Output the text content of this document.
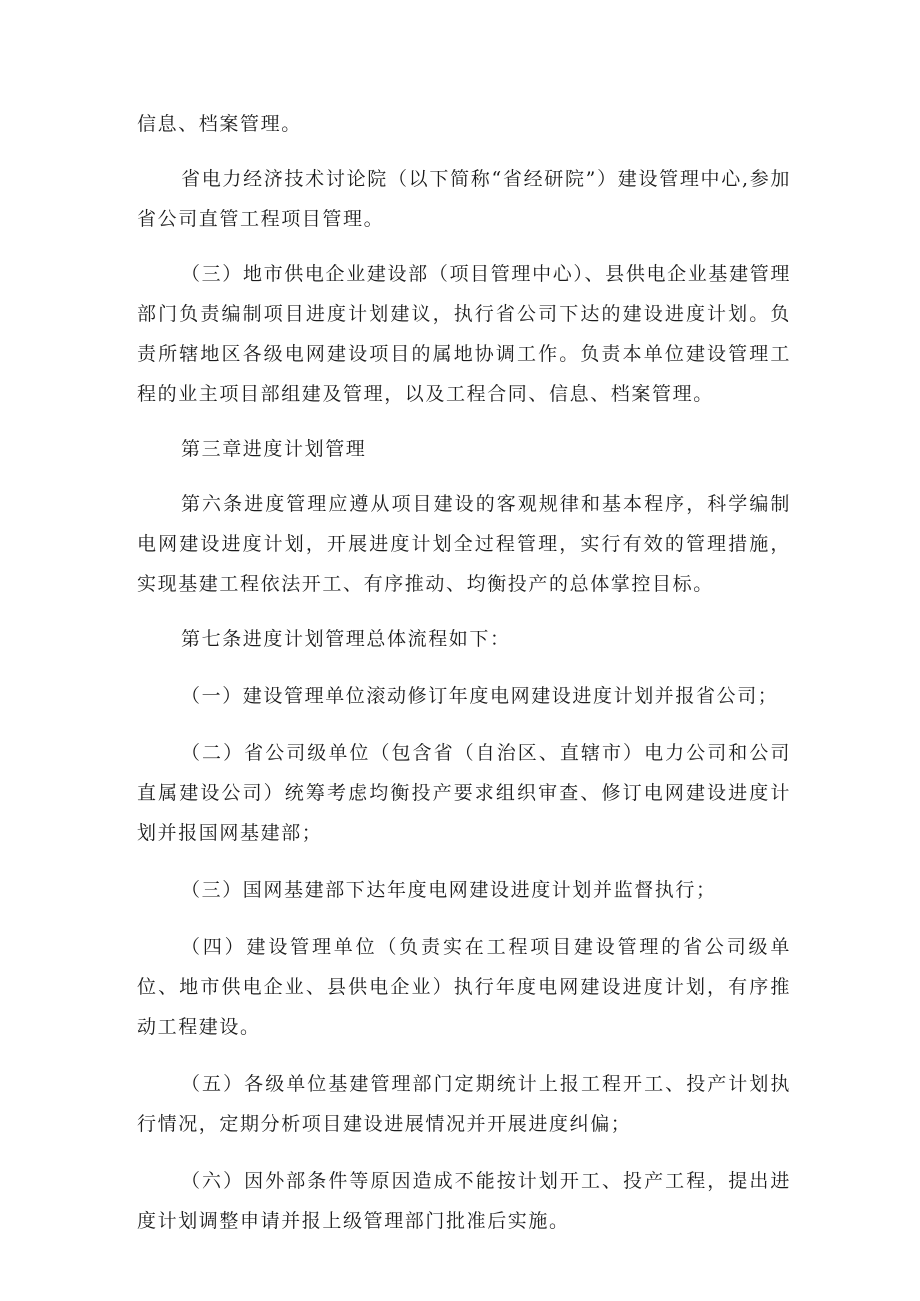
信息、档案管理。

省电力经济技术讨论院（以下简称“省经研院”）建设管理中心,参加省公司直管工程项目管理。

（三）地市供电企业建设部（项目管理中心）、县供电企业基建管理部门负责编制项目进度计划建议，执行省公司下达的建设进度计划。负责所辖地区各级电网建设项目的属地协调工作。负责本单位建设管理工程的业主项目部组建及管理，以及工程合同、信息、档案管理。

第三章进度计划管理

第六条进度管理应遵从项目建设的客观规律和基本程序，科学编制电网建设进度计划，开展进度计划全过程管理，实行有效的管理措施，实现基建工程依法开工、有序推动、均衡投产的总体掌控目标。

第七条进度计划管理总体流程如下：

（一）建设管理单位滚动修订年度电网建设进度计划并报省公司；

（二）省公司级单位（包含省（自治区、直辖市）电力公司和公司直属建设公司）统筹考虑均衡投产要求组织审查、修订电网建设进度计划并报国网基建部；

（三）国网基建部下达年度电网建设进度计划并监督执行；

（四）建设管理单位（负责实在工程项目建设管理的省公司级单位、地市供电企业、县供电企业）执行年度电网建设进度计划，有序推动工程建设。

（五）各级单位基建管理部门定期统计上报工程开工、投产计划执行情况，定期分析项目建设进展情况并开展进度纠偏；

（六）因外部条件等原因造成不能按计划开工、投产工程，提出进度计划调整申请并报上级管理部门批准后实施。
